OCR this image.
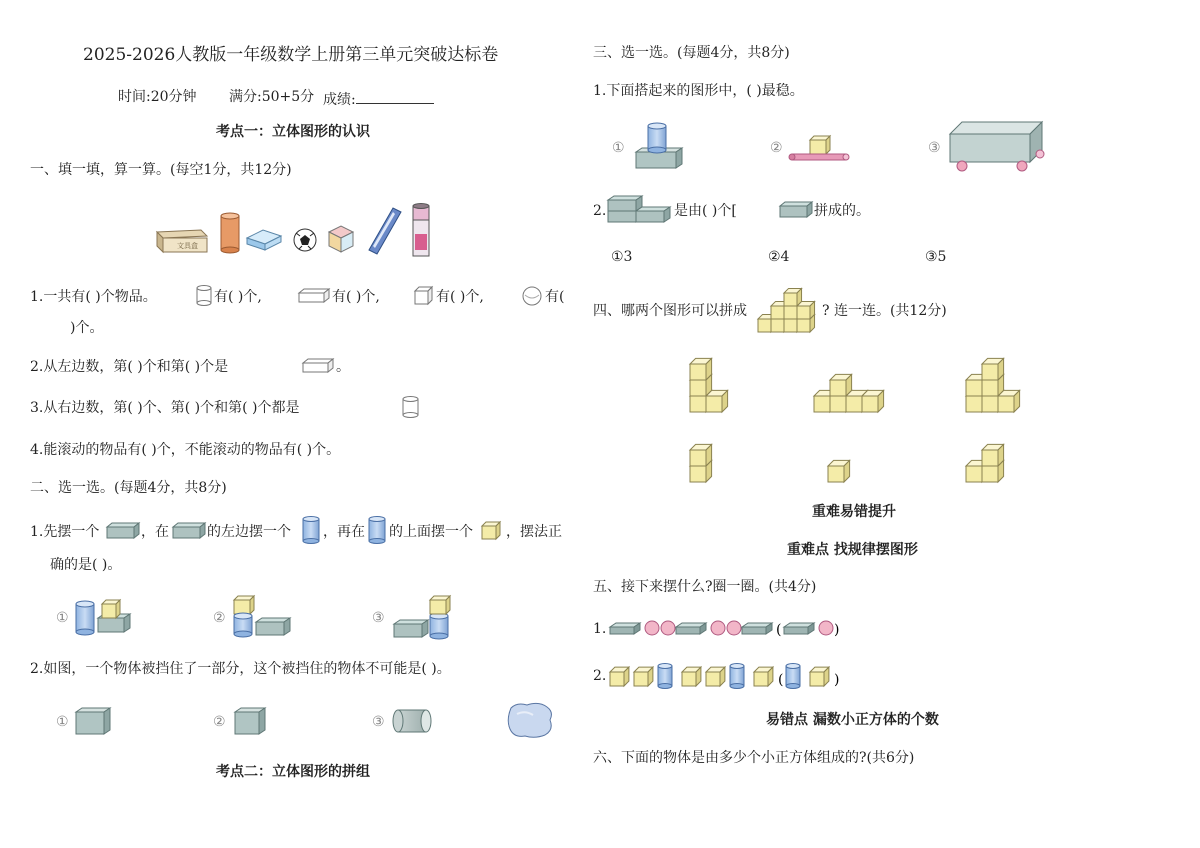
2025-2026人教版一年级数学上册第三单元突破达标卷
时间:20分钟 满分:50+5分 成绩:
考点一：立体图形的认识
一、填一填，算一算。(每空1分，共12分)
文具盒
1.一共有( )个物品。	有( )个,	有( )个,	有( )个,	有(
)个。
2.从左边数，第( )个和第( )个是	。
3.从右边数，第( )个、第( )个和第( )个都是
4.能滚动的物品有( )个，不能滚动的物品有( )个。
二、选一选。(每题4分，共8分)
1.先摆一个	，在	的左边摆一个 ，再在 的上面摆一个 ，摆法正
确的是( )。
①	②	③
2.如图，一个物体被挡住了一部分，这个被挡住的物体不可能是( )。
①	②	③
考点二：立体图形的拼组
三、选一选。(每题4分，共8分)
1.下面搭起来的图形中，( )最稳。
①	②	③
2.	是由( )个[	拼成的。
①3	②4	③5
四、哪两个图形可以拼成	? 连一连。(共12分)
重难易错提升
重难点 找规律摆图形
五、接下来摆什么?圈一圈。(共4分)
1.	(	)
2.	(	)
易错点 漏数小正方体的个数
六、下面的物体是由多少个小正方体组成的?(共6分)
